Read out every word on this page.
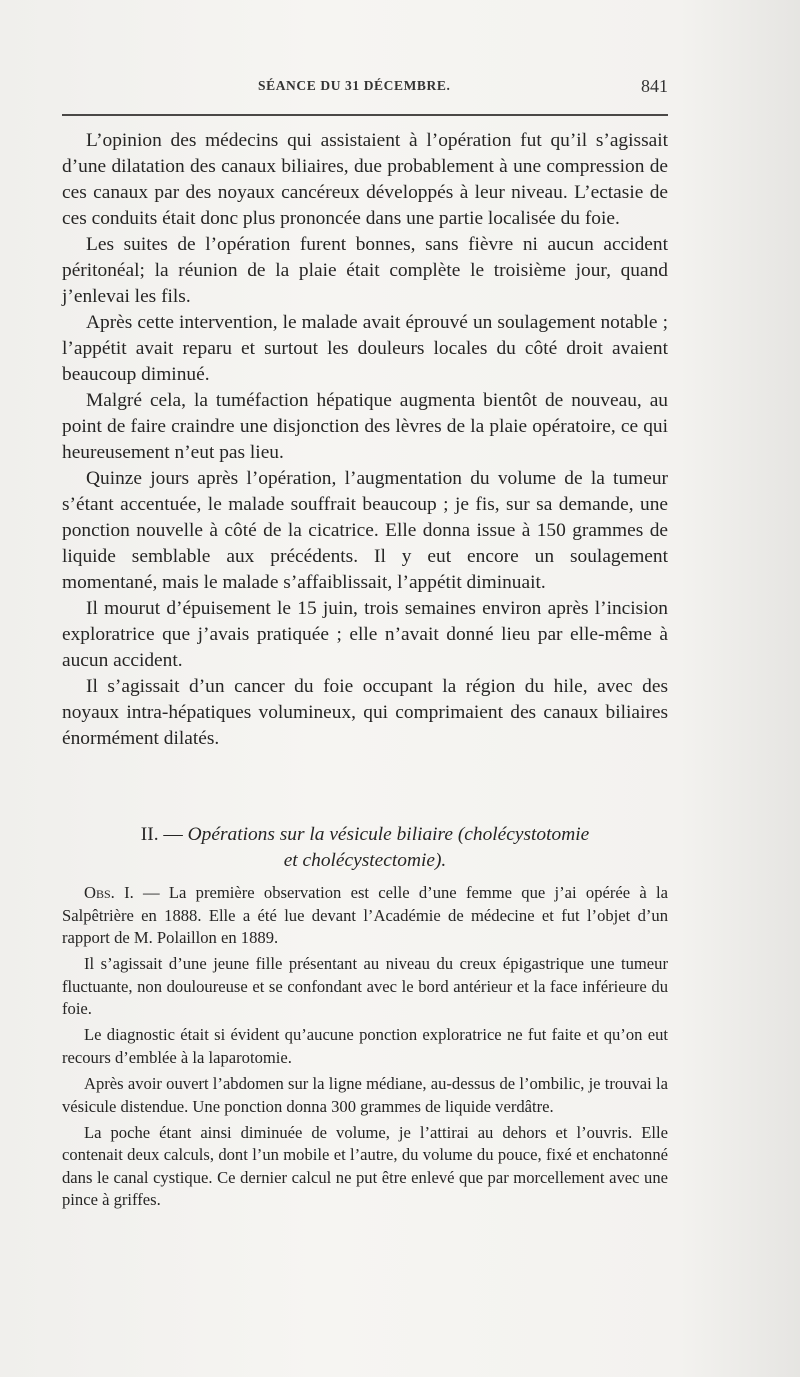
SÉANCE DU 31 DÉCEMBRE.	841

L’opinion des médecins qui assistaient à l’opération fut qu’il s’agissait d’une dilatation des canaux biliaires, due probablement à une compression de ces canaux par des noyaux cancéreux développés à leur niveau. L’ectasie de ces conduits était donc plus prononcée dans une partie localisée du foie.

Les suites de l’opération furent bonnes, sans fièvre ni aucun accident péritonéal; la réunion de la plaie était complète le troisième jour, quand j’enlevai les fils.

Après cette intervention, le malade avait éprouvé un soulagement notable ; l’appétit avait reparu et surtout les douleurs locales du côté droit avaient beaucoup diminué.

Malgré cela, la tuméfaction hépatique augmenta bientôt de nouveau, au point de faire craindre une disjonction des lèvres de la plaie opératoire, ce qui heureusement n’eut pas lieu.

Quinze jours après l’opération, l’augmentation du volume de la tumeur s’étant accentuée, le malade souffrait beaucoup ; je fis, sur sa demande, une ponction nouvelle à côté de la cicatrice. Elle donna issue à 150 grammes de liquide semblable aux précédents. Il y eut encore un soulagement momentané, mais le malade s’affaiblissait, l’appétit diminuait.

Il mourut d’épuisement le 15 juin, trois semaines environ après l’incision exploratrice que j’avais pratiquée ; elle n’avait donné lieu par elle-même à aucun accident.

Il s’agissait d’un cancer du foie occupant la région du hile, avec des noyaux intra-hépatiques volumineux, qui comprimaient des canaux biliaires énormément dilatés.

II. — Opérations sur la vésicule biliaire (cholécystotomie
et cholécystectomie).

Obs. I. — La première observation est celle d’une femme que j’ai opérée à la Salpêtrière en 1888. Elle a été lue devant l’Académie de médecine et fut l’objet d’un rapport de M. Polaillon en 1889.

Il s’agissait d’une jeune fille présentant au niveau du creux épigastrique une tumeur fluctuante, non douloureuse et se confondant avec le bord antérieur et la face inférieure du foie.

Le diagnostic était si évident qu’aucune ponction exploratrice ne fut faite et qu’on eut recours d’emblée à la laparotomie.

Après avoir ouvert l’abdomen sur la ligne médiane, au-dessus de l’ombilic, je trouvai la vésicule distendue. Une ponction donna 300 grammes de liquide verdâtre.

La poche étant ainsi diminuée de volume, je l’attirai au dehors et l’ouvris. Elle contenait deux calculs, dont l’un mobile et l’autre, du volume du pouce, fixé et enchatonné dans le canal cystique. Ce dernier calcul ne put être enlevé que par morcellement avec une pince à griffes.
